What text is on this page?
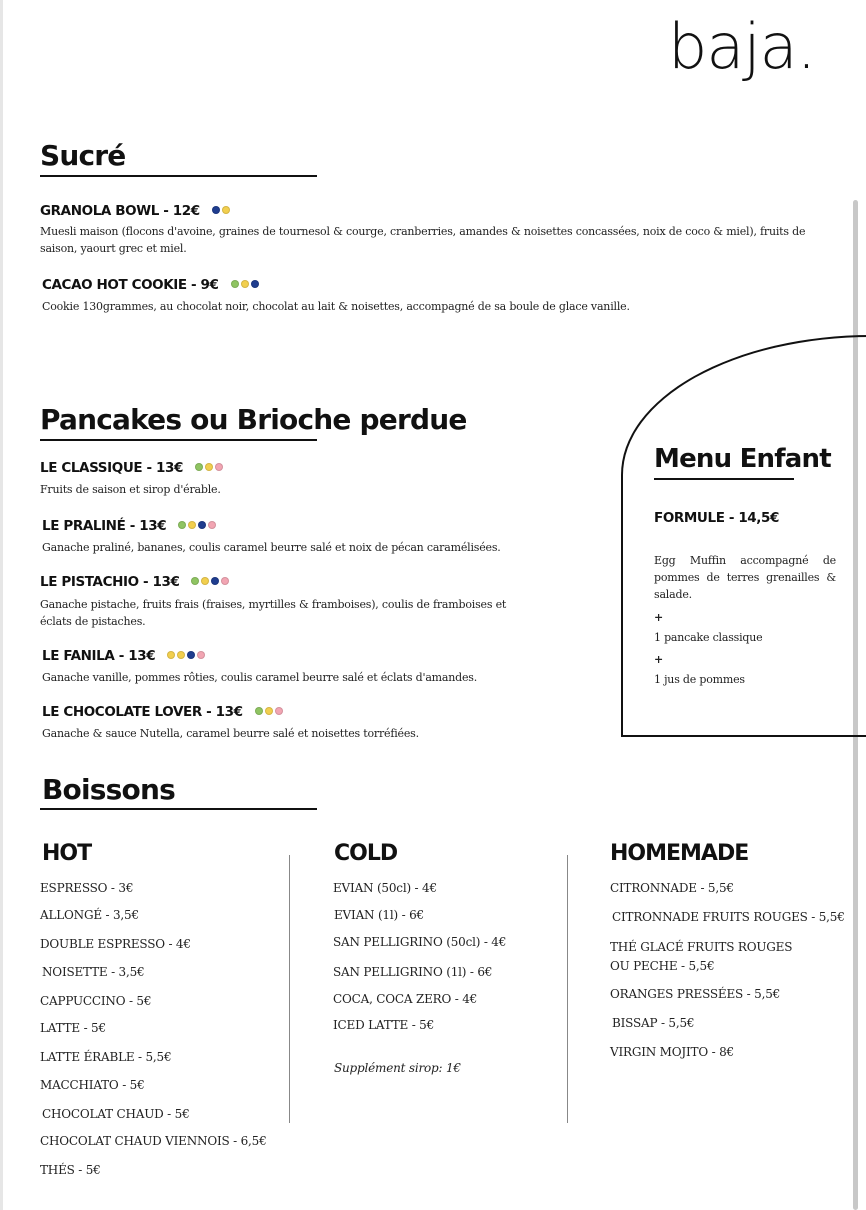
baja.
Sucré
GRANOLA BOWL - 12€
Muesli maison (flocons d'avoine, graines de tournesol & courge, cranberries, amandes & noisettes concassées, noix de coco & miel), fruits de saison, yaourt grec et miel.
CACAO HOT COOKIE - 9€
Cookie 130grammes, au chocolat noir, chocolat au lait & noisettes, accompagné de sa boule de glace vanille.
Pancakes ou Brioche perdue
LE CLASSIQUE - 13€
Fruits de saison et sirop d'érable.
LE PRALINÉ - 13€
Ganache praliné, bananes, coulis caramel beurre salé et noix de pécan caramélisées.
LE PISTACHIO - 13€
Ganache pistache, fruits frais (fraises, myrtilles & framboises), coulis de framboises et éclats de pistaches.
LE FANILA - 13€
Ganache vanille, pommes rôties, coulis caramel beurre salé et éclats d'amandes.
LE CHOCOLATE LOVER - 13€
Ganache & sauce Nutella, caramel beurre salé et noisettes torréfiées.
Menu Enfant
FORMULE - 14,5€
Egg Muffin accompagné de pommes de terres grenailles & salade.
+
1 pancake classique
+
1 jus de pommes
Boissons
HOT	COLD	HOMEMADE
ESPRESSO - 3€
ALLONGÉ - 3,5€
DOUBLE ESPRESSO - 4€
NOISETTE - 3,5€
CAPPUCCINO - 5€
LATTE - 5€
LATTE ÉRABLE - 5,5€
MACCHIATO - 5€
CHOCOLAT CHAUD - 5€
CHOCOLAT CHAUD VIENNOIS - 6,5€
THÉS - 5€
EVIAN (50cl) - 4€
EVIAN (1l) - 6€
SAN PELLIGRINO (50cl) - 4€
SAN PELLIGRINO (1l) - 6€
COCA, COCA ZERO - 4€
ICED LATTE - 5€
Supplément sirop: 1€
CITRONNADE - 5,5€
CITRONNADE FRUITS ROUGES - 5,5€
THÉ GLACÉ FRUITS ROUGES
OU PECHE - 5,5€
ORANGES PRESSÉES - 5,5€
BISSAP - 5,5€
VIRGIN MOJITO - 8€
